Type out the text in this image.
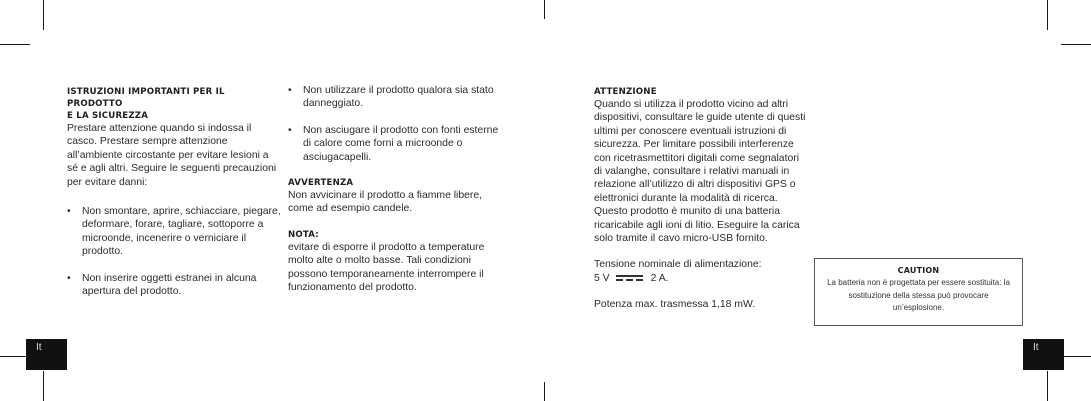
It	It
ISTRUZIONI IMPORTANTI PER IL PRODOTTO
E LA SICUREZZA

Prestare attenzione quando si indossa il casco. Prestare sempre attenzione all’ambiente circostante per evitare lesioni a sé e agli altri. Seguire le seguenti precauzioni per evitare danni:

• Non smontare, aprire, schiacciare, piegare, deformare, forare, tagliare, sottoporre a microonde, incenerire o verniciare il prodotto.

• Non inserire oggetti estranei in alcuna apertura del prodotto.

• Non utilizzare il prodotto qualora sia stato danneggiato.

• Non asciugare il prodotto con fonti esterne di calore come forni a microonde o asciugacapelli.

AVVERTENZA

Non avvicinare il prodotto a fiamme libere, come ad esempio candele.

NOTA:

evitare di esporre il prodotto a temperature molto alte o molto basse. Tali condizioni possono temporaneamente interrompere il funzionamento del prodotto.

ATTENZIONE

Quando si utilizza il prodotto vicino ad altri dispositivi, consultare le guide utente di questi ultimi per conoscere eventuali istruzioni di sicurezza. Per limitare possibili interferenze con ricetrasmettitori digitali come segnalatori di valanghe, consultare i relativi manuali in relazione all’utilizzo di altri dispositivi GPS o elettronici durante la modalità di ricerca. Questo prodotto è munito di una batteria ricaricabile agli ioni di litio. Eseguire la carica solo tramite il cavo micro-USB fornito.

Tensione nominale di alimentazione:

5 V	2 A.

Potenza max. trasmessa 1,18 mW.

CAUTION
La batteria non è progettata per essere sostituita: la sostituzione della stessa può provocare un’esplosione.
